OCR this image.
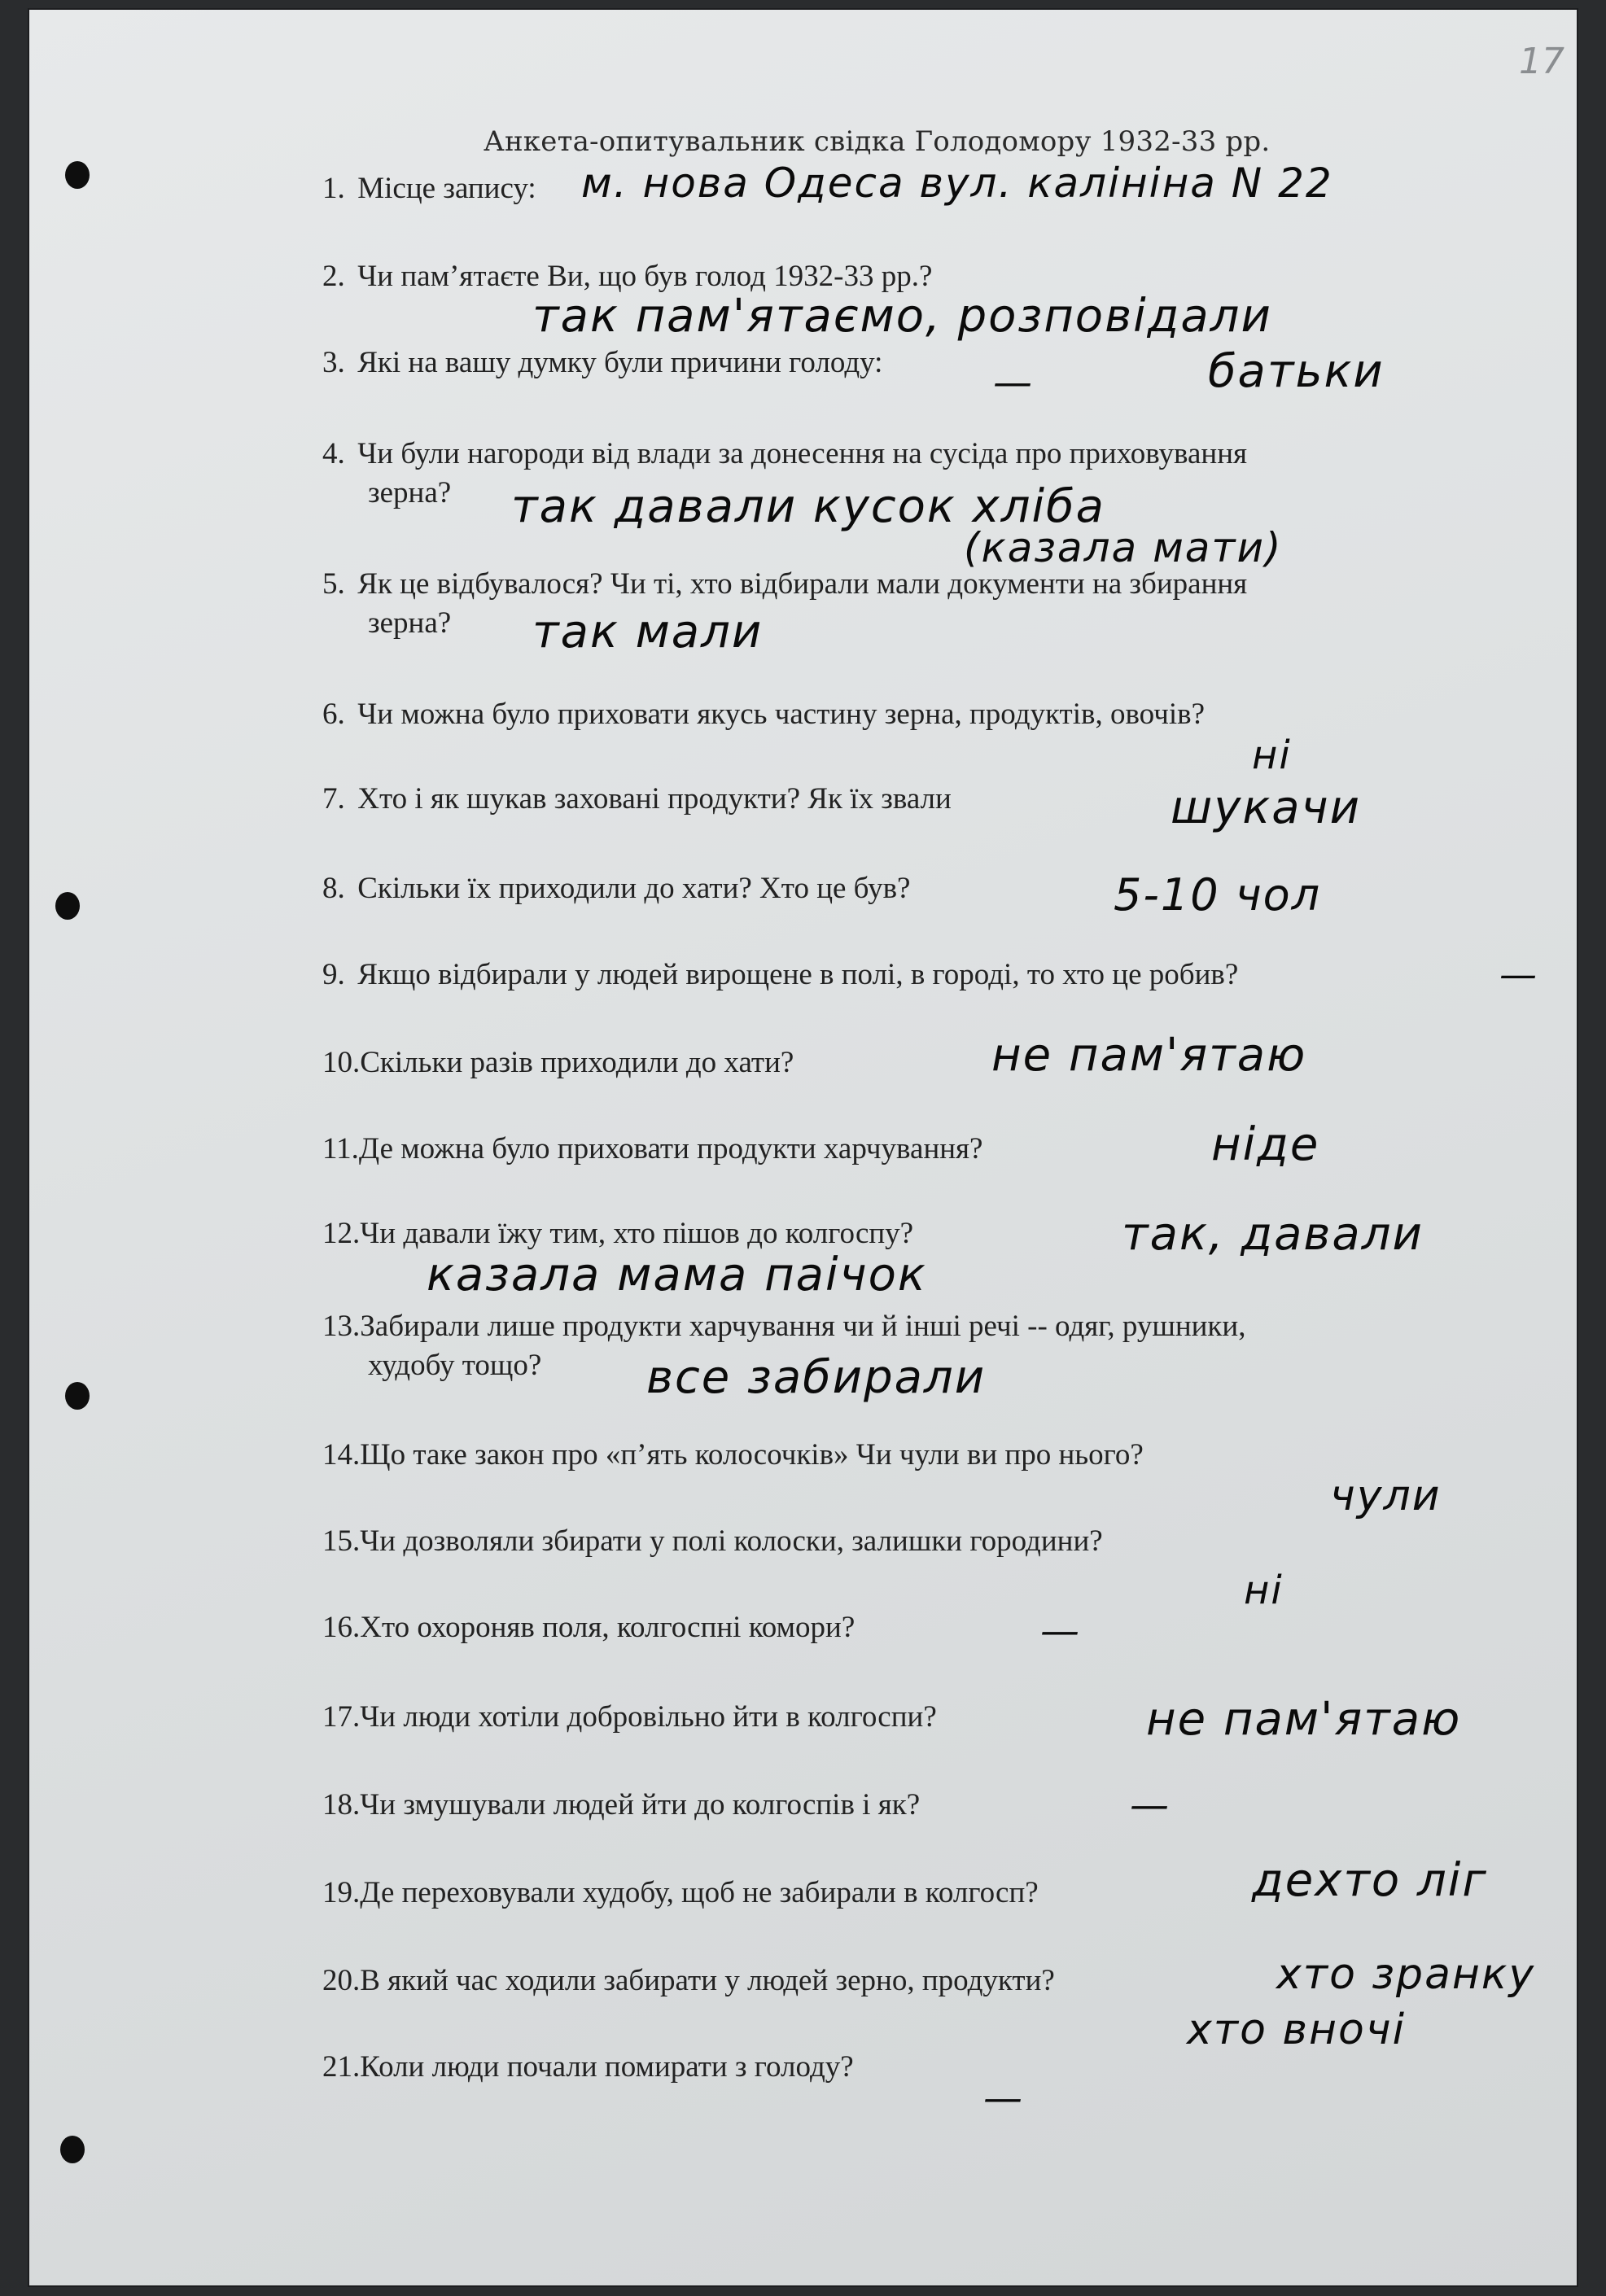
17
Анкета-опитувальник свідка Голодомору 1932-33 рр.
1. Місце запису:
2. Чи пам’ятаєте Ви, що був голод 1932-33 рр.?
3. Які на вашу думку були причини голоду:
4. Чи були нагороди від влади за донесення на сусіда про приховування
зерна?
5. Як це відбувалося? Чи ті, хто відбирали мали документи на збирання
зерна?
6. Чи можна було приховати якусь частину зерна, продуктів, овочів?
7. Хто і як шукав заховані продукти? Як їх звали
8. Скільки їх приходили до хати? Хто це був?
9. Якщо відбирали у людей вирощене в полі, в городі, то хто це робив?
10.Скільки разів приходили до хати?
11.Де можна було приховати продукти харчування?
12.Чи давали їжу тим, хто пішов до колгоспу?
13.Забирали лише продукти харчування чи й інші речі -- одяг, рушники,
худобу тощо?
14.Що таке закон про «п’ять колосочків» Чи чули ви про нього?
15.Чи дозволяли збирати у полі колоски, залишки городини?
16.Хто охороняв поля, колгоспні комори?
17.Чи люди хотіли добровільно йти в колгоспи?
18.Чи змушували людей йти до колгоспів і як?
19.Де переховували худобу, щоб не забирали в колгосп?
20.В який час ходили забирати у людей зерно, продукти?
21.Коли люди почали помирати з голоду?
м. нова Одеса вул. калініна N 22
так пам'ятаємо, розповідали
батьки
—
так давали кусок хліба
(казала мати)
так мали
ні
шукачи
5-10 чол
—
не пам'ятаю
ніде
так, давали
казала мама паічок
все забирали
чули
ні
—
не пам'ятаю
—
дехто ліг
хто зранку
хто вночі
—
